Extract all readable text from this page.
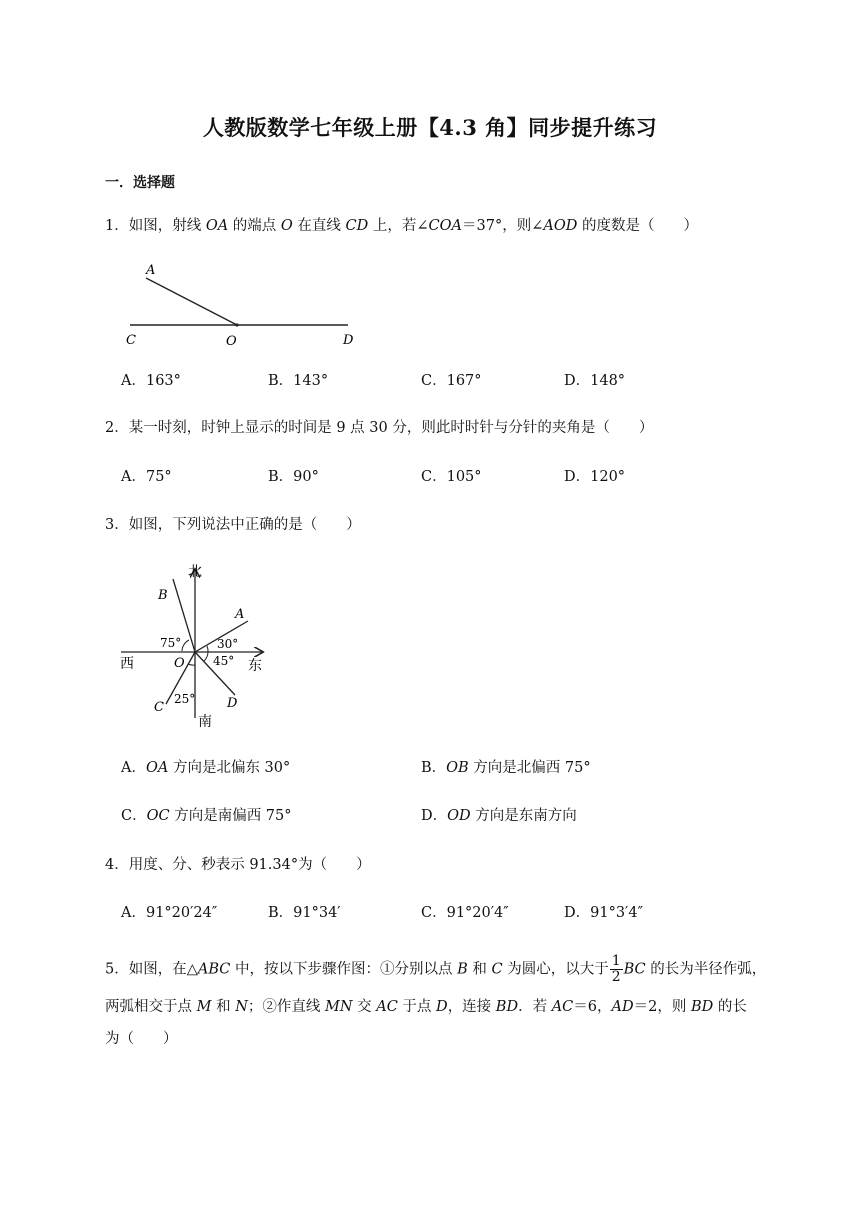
人教版数学七年级上册【4.3 角】同步提升练习
一．选择题
1．如图，射线 OA 的端点 O 在直线 CD 上，若∠COA＝37°，则∠AOD 的度数是（　　）
A
C	O	D
A．163°	B．143°	C．167°	D．148°
2．某一时刻，时钟上显示的时间是 9 点 30 分，则此时时针与分针的夹角是（　　）
A．75°	B．90°	C．105°	D．120°
3．如图，下列说法中正确的是（　　）
北
南
东
西
A
B
C	D
O
75°	30°
45°
25°
A．OA 方向是北偏东 30°	B．OB 方向是北偏西 75°
C．OC 方向是南偏西 75°	D．OD 方向是东南方向
4．用度、分、秒表示 91.34°为（　　）
A．91°20′24″	B．91°34′	C．91°20′4″	D．91°3′4″
5．如图，在△ABC 中，按以下步骤作图：①分别以点 B 和 C 为圆心，以大于 $\frac{1}{2}$ BC 的长为半径作弧，
两弧相交于点 M 和 N；②作直线 MN 交 AC 于点 D，连接 BD．若 AC＝6，AD＝2，则 BD 的长
为（　　）
